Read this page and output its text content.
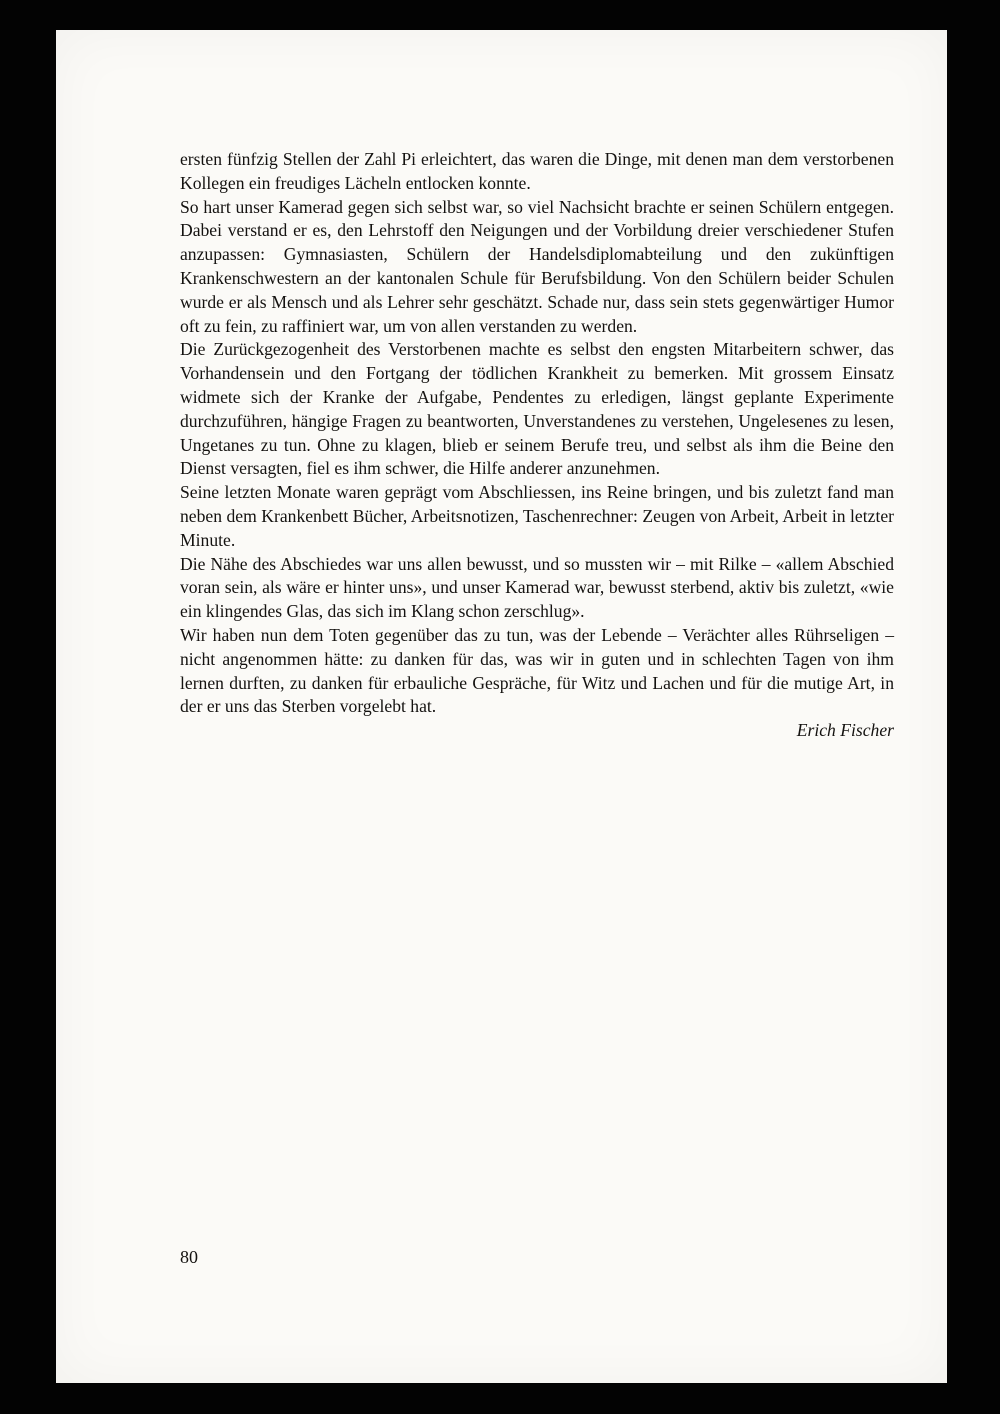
ersten fünfzig Stellen der Zahl Pi erleichtert, das waren die Dinge, mit denen man dem verstorbenen Kollegen ein freudiges Lächeln entlocken konnte.

So hart unser Kamerad gegen sich selbst war, so viel Nachsicht brachte er seinen Schülern entgegen. Dabei verstand er es, den Lehrstoff den Neigungen und der Vorbildung dreier verschiedener Stufen anzupassen: Gymnasiasten, Schülern der Handelsdiplomabteilung und den zukünftigen Krankenschwestern an der kantonalen Schule für Berufsbildung. Von den Schülern beider Schulen wurde er als Mensch und als Lehrer sehr geschätzt. Schade nur, dass sein stets gegenwärtiger Humor oft zu fein, zu raffiniert war, um von allen verstanden zu werden.

Die Zurückgezogenheit des Verstorbenen machte es selbst den engsten Mitarbeitern schwer, das Vorhandensein und den Fortgang der tödlichen Krankheit zu bemerken. Mit grossem Einsatz widmete sich der Kranke der Aufgabe, Pendentes zu erledigen, längst geplante Experimente durchzuführen, hängige Fragen zu beantworten, Unverstandenes zu verstehen, Ungelesenes zu lesen, Ungetanes zu tun. Ohne zu klagen, blieb er seinem Berufe treu, und selbst als ihm die Beine den Dienst versagten, fiel es ihm schwer, die Hilfe anderer anzunehmen.

Seine letzten Monate waren geprägt vom Abschliessen, ins Reine bringen, und bis zuletzt fand man neben dem Krankenbett Bücher, Arbeitsnotizen, Taschenrechner: Zeugen von Arbeit, Arbeit in letzter Minute.

Die Nähe des Abschiedes war uns allen bewusst, und so mussten wir – mit Rilke – «allem Abschied voran sein, als wäre er hinter uns», und unser Kamerad war, bewusst sterbend, aktiv bis zuletzt, «wie ein klingendes Glas, das sich im Klang schon zerschlug».

Wir haben nun dem Toten gegenüber das zu tun, was der Lebende – Verächter alles Rührseligen – nicht angenommen hätte: zu danken für das, was wir in guten und in schlechten Tagen von ihm lernen durften, zu danken für erbauliche Gespräche, für Witz und Lachen und für die mutige Art, in der er uns das Sterben vorgelebt hat.

Erich Fischer

80
